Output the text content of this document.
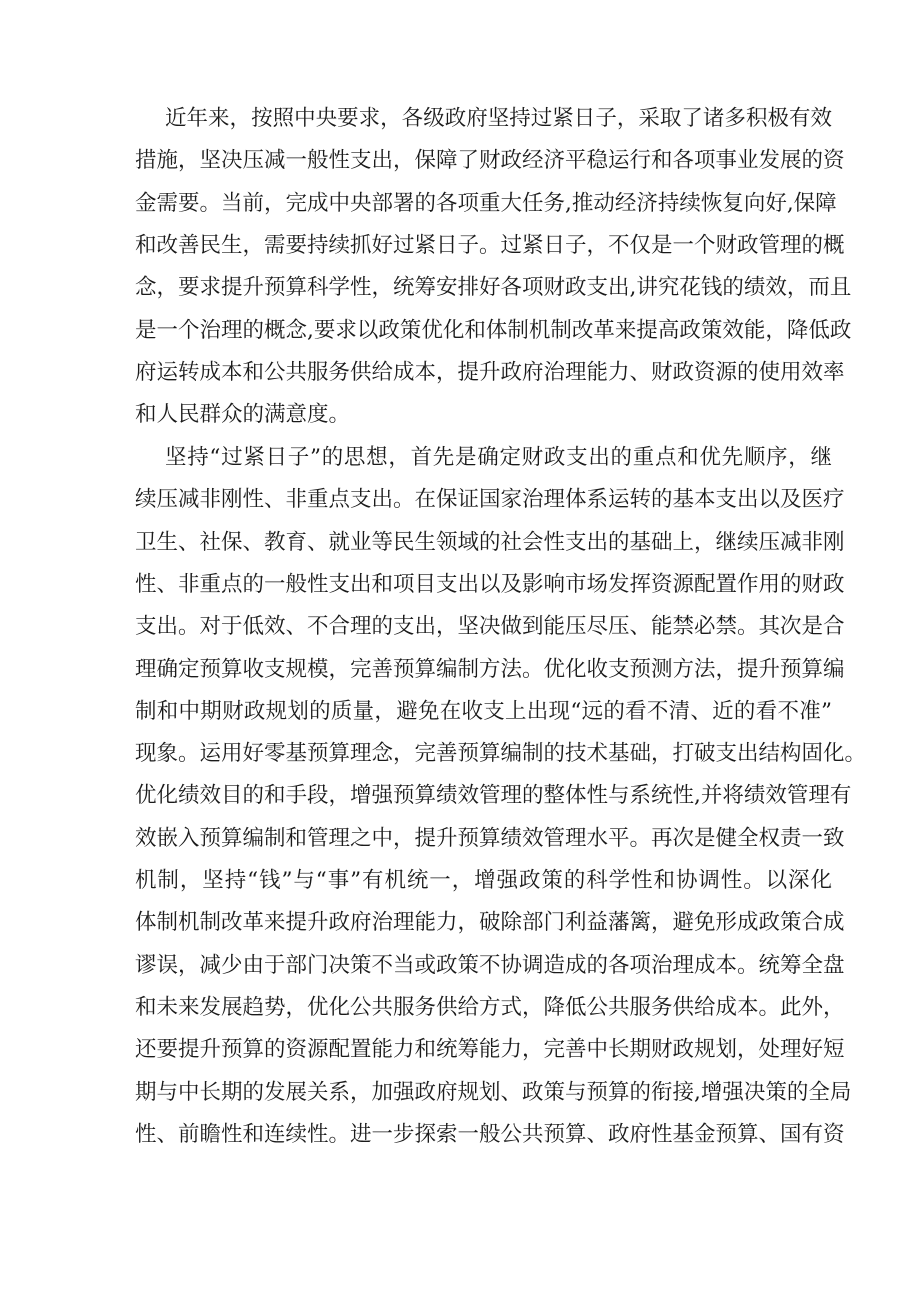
近年来，按照中央要求，各级政府坚持过紧日子，采取了诸多积极有效
措施，坚决压减一般性支出，保障了财政经济平稳运行和各项事业发展的资
金需要。当前，完成中央部署的各项重大任务,推动经济持续恢复向好,保障
和改善民生，需要持续抓好过紧日子。过紧日子，不仅是一个财政管理的概
念，要求提升预算科学性，统筹安排好各项财政支出,讲究花钱的绩效，而且
是一个治理的概念,要求以政策优化和体制机制改革来提高政策效能，降低政
府运转成本和公共服务供给成本，提升政府治理能力、财政资源的使用效率
和人民群众的满意度。
坚持“过紧日子”的思想，首先是确定财政支出的重点和优先顺序，继
续压减非刚性、非重点支出。在保证国家治理体系运转的基本支出以及医疗
卫生、社保、教育、就业等民生领域的社会性支出的基础上，继续压减非刚
性、非重点的一般性支出和项目支出以及影响市场发挥资源配置作用的财政
支出。对于低效、不合理的支出，坚决做到能压尽压、能禁必禁。其次是合
理确定预算收支规模，完善预算编制方法。优化收支预测方法，提升预算编
制和中期财政规划的质量，避免在收支上出现“远的看不清、近的看不准”
现象。运用好零基预算理念，完善预算编制的技术基础，打破支出结构固化。
优化绩效目的和手段，增强预算绩效管理的整体性与系统性,并将绩效管理有
效嵌入预算编制和管理之中，提升预算绩效管理水平。再次是健全权责一致
机制，坚持“钱”与“事”有机统一，增强政策的科学性和协调性。以深化
体制机制改革来提升政府治理能力，破除部门利益藩篱，避免形成政策合成
谬误，减少由于部门决策不当或政策不协调造成的各项治理成本。统筹全盘
和未来发展趋势，优化公共服务供给方式，降低公共服务供给成本。此外，
还要提升预算的资源配置能力和统筹能力，完善中长期财政规划，处理好短
期与中长期的发展关系，加强政府规划、政策与预算的衔接,增强决策的全局
性、前瞻性和连续性。进一步探索一般公共预算、政府性基金预算、国有资
